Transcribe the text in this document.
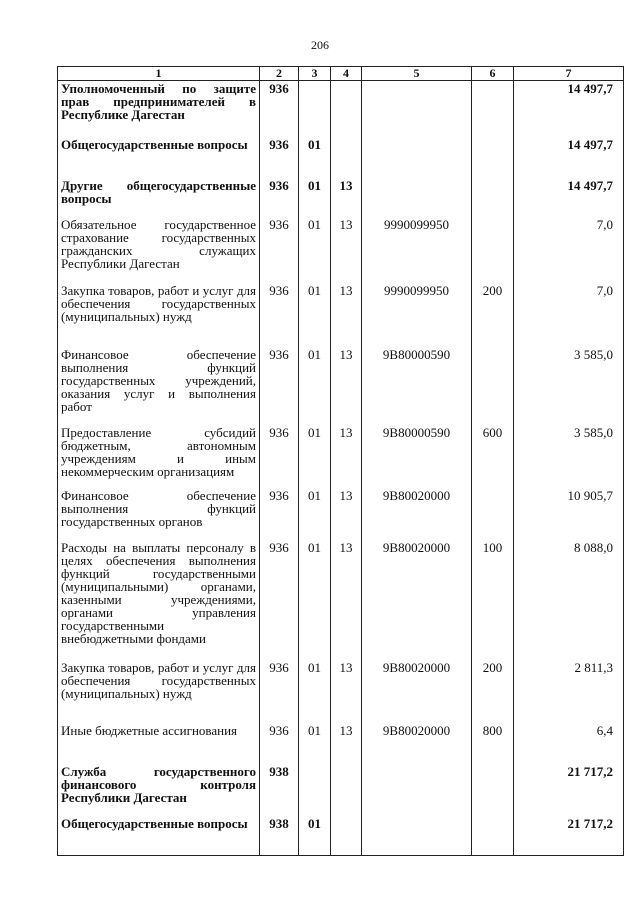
206
1	2	3	4	5	6	7
Уполномоченный по защите прав предпринимателей в Республике Дагестан	936					14 497,7
Общегосударственные вопросы	936	01				14 497,7
Другие общегосударственные вопросы	936	01	13			14 497,7
Обязательное государственное страхование государственных гражданских служащих Республики Дагестан	936	01	13	9990099950		7,0
Закупка товаров, работ и услуг для обеспечения государственных (муниципальных) нужд	936	01	13	9990099950	200	7,0
Финансовое обеспечение выполнения функций государственных учреждений, оказания услуг и выполнения работ	936	01	13	9В80000590		3 585,0
Предоставление субсидий бюджетным, автономным учреждениям и иным некоммерческим организациям	936	01	13	9В80000590	600	3 585,0
Финансовое обеспечение выполнения функций государственных органов	936	01	13	9В80020000		10 905,7
Расходы на выплаты персоналу в целях обеспечения выполнения функций государственными (муниципальными) органами, казенными учреждениями, органами управления государственными внебюджетными фондами	936	01	13	9В80020000	100	8 088,0
Закупка товаров, работ и услуг для обеспечения государственных (муниципальных) нужд	936	01	13	9В80020000	200	2 811,3
Иные бюджетные ассигнования	936	01	13	9В80020000	800	6,4
Служба государственного финансового контроля Республики Дагестан	938					21 717,2
Общегосударственные вопросы	938	01				21 717,2
